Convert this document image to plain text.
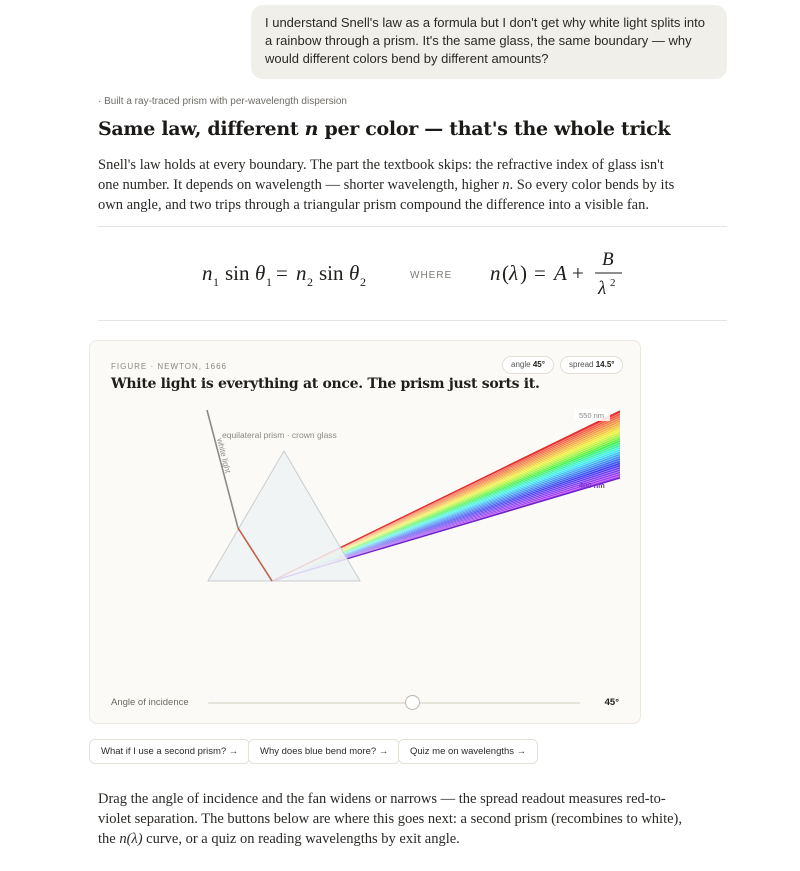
I understand Snell's law as a formula but I don't get why white light splits into a rainbow through a prism. It's the same glass, the same boundary — why would different colors bend by different amounts?
· Built a ray-traced prism with per-wavelength dispersion
Same law, different n per color — that's the whole trick

Snell's law holds at every boundary. The part the textbook skips: the refractive index of glass isn't one number. It depends on wavelength — shorter wavelength, higher n. So every color bends by its own angle, and two trips through a triangular prism compound the difference into a visible fan.

n 1 sin θ 1 = n 2 sin θ 2	n ( λ ) = A +
B
λ 2
WHERE
FIGURE · NEWTON, 1666
White light is everything at once. The prism just sorts it.
angle 45°	spread 14.5°
equilateral prism · crown glass
white light
550 nm
400 nm
Angle of incidence	45°
What if I use a second prism? →	Why does blue bend more? →	Quiz me on wavelengths →

Drag the angle of incidence and the fan widens or narrows — the spread readout measures red-to-violet separation. The buttons below are where this goes next: a second prism (recombines to white), the n(λ) curve, or a quiz on reading wavelengths by exit angle.
